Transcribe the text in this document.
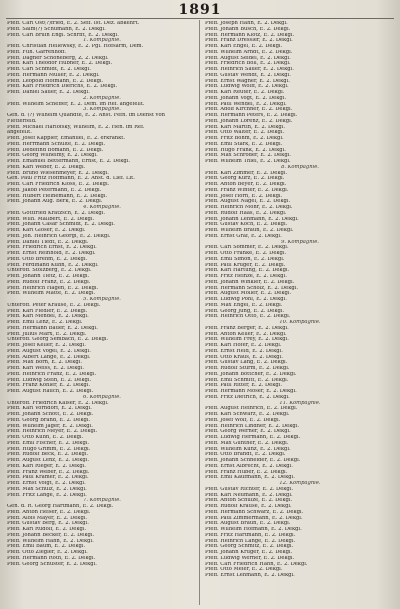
1891
Pfeff. Carl Ost(?)fried, E. 2. Seif. Ist. Dez. abkehrt.
Pfeff. Salm(?) Schumann, E. 2. Dekgl.
Pfeff. Carl Bruin Engl. Schrfft, E. 2. Dekgl.
1. Kompagnie.
Pfeff. Christian Hellewsky, E. 2. Pgl. Hofsarm, Dem.
Pfeff. Fuh. Garrenhoff.
Pfeff. Dagner Schöneberg, Z. 2. Dekgl.
Pfeff. Karl Theodor Hübner, E. 2. Dekgl.
Pfeff. Carl Schmidt, E. 2. Dekgl.
Pfeff. Hermann Müller, E. 2. Dekgl.
Pfeff. Leopold Hofmann, E. 2. Dekgl.
Pfeff. Karl Friedrich Dierichs, E. 2. Dekgl.
Pfeff. Daniel Sauer, E. 2. Dekgl.
2. Kompagnie.
Pfeff. Wilhelm Scheffer, E. 2. Dem. im Ref. angefellt.
3. Kompagnie.
Gen. d. (?) Wilhelm Quandte, E. 2. Anst. Fefn. im Dienst von
Fletterfeld.
Pfeff. Michael Harlofsky, Wilhelm, E. 2. Hen. im Ref.
angefellt.
Pfeff. Josef Kappler, Emanuel, E. 2. erkrankt.
Pfeff. Herrmann Schulte, E. 2. Dekgl.
Pfeff. Dedefind Bomann, E. 2. Dekgl.
Pfeff. Georg Wilhelmy, E. 2. Dekgl.
Pfeff. Emanuel Bettermann, Ernst, E. 2. Dekgl.
Pfeff. Karl Weber, E. 2. Dekgl.
Pfeff. Bruno Wiesenmeyer, E. 2. Dekgl.
Gen. Paul Fritz Hoffmann, E. 2. Anst. d. Lief. Lit.
Pfeff. Carl Friedrich Kloss, E. 2. Dekgl.
Pfeff. Jakob Petermann, E. 2. Dekgl.
Pfeff. Hubert Heinemann, E. 2. Dekgl.
Pfeff. Johann Aug. Berk, E. 2. Dekgl.
4. Kompagnie.
Pfeff. Gottfried Kratzsch, E. 2. Dekgl.
Pfeff. Wilh. Mallbert, E. 2. Dekgl.
Pfeff. Johann Cäsar Schmidt, E. 2. Dekgl.
Pfeff. Karl Gloser, E. 2. Dekgl.
Pfeff. Joh. Heinrich Georgi, E. 2. Dekgl.
Pfeff. Daniel Tiedt, E. 2. Dekgl.
Pfeff. Friedrich Ernst, E. 2. Dekgl.
Pfeff. Ernst Reinhold, E. 2. Dekgl.
Pfeff. Otto Brehm, E. 2. Dekgl.
Pfeff. Ferdinand Kühn, E. 2. Dekgl.
Unteroff. Stolzberg, E. 2. Dekgl.
Pfeff. Johann Tietz, E. 2. Dekgl.
Pfeff. Rudolf Franz, E. 2. Dekgl.
Pfeff. Heinrich Hagen, E. 2. Dekgl.
Pfeff. Wilhelm Matte, E. 2. Dekgl.
5. Kompagnie.
Unteroff. Peter Krause, E. 2. Dekgl.
Pfeff. Karl Fiedler, E. 2. Dekgl.
Pfeff. Karl Mendel, E. 2. Dekgl.
Pfeff. Emil Lenz, E. 2. Dekgl.
Pfeff. Hermann Bauer, E. 2. Dekgl.
Pfeff. Julius Marx, E. 2. Dekgl.
Unteroff. Georg Sembach, E. 2. Dekgl.
Pfeff. Josef Keller, E. 2. Dekgl.
Pfeff. August Vogel, E. 2. Dekgl.
Pfeff. Albert Lange, E. 2. Dekgl.
Pfeff. Max Born, E. 2. Dekgl.
Pfeff. Karl Weiss, E. 2. Dekgl.
Pfeff. Heinrich Franz, E. 2. Dekgl.
Pfeff. Ludwig Stein, E. 2. Dekgl.
Pfeff. Franz Köhler, E. 2. Dekgl.
Pfeff. August Rauch, E. 2. Dekgl.
6. Kompagnie.
Unteroff. Friedrich Kaiser, E. 2. Dekgl.
Pfeff. Karl Vorndorf, E. 2. Dekgl.
Pfeff. Johann Schott, E. 2. Dekgl.
Pfeff. Georg Brand, E. 2. Dekgl.
Pfeff. Wilhelm Jäger, E. 2. Dekgl.
Pfeff. Heinrich Meyer, E. 2. Dekgl.
Pfeff. Otto Kuhn, E. 2. Dekgl.
Pfeff. Emil Fischer, E. 2. Dekgl.
Pfeff. Hugo Grimm, E. 2. Dekgl.
Pfeff. Rudolf Beck, E. 2. Dekgl.
Pfeff. August Lenz, E. 2. Dekgl.
Pfeff. Karl Rieger, E. 2. Dekgl.
Pfeff. Franz Weber, E. 2. Dekgl.
Pfeff. Paul Kramer, E. 2. Dekgl.
Pfeff. Ernst Voigt, E. 2. Dekgl.
Pfeff. Max Schulz, E. 2. Dekgl.
Pfeff. Fritz Lange, E. 2. Dekgl.
7. Kompagnie.
Gen. d. R. Georg Hartmann, E. 2. Dekgl.
Pfeff. Anton Heiser, E. 2. Dekgl.
Pfeff. Alois Mayer, E. 2. Dekgl.
Pfeff. Gustav Berg, E. 2. Dekgl.
Pfeff. Karl Rudolf, E. 2. Dekgl.
Pfeff. Johann Becker, E. 2. Dekgl.
Pfeff. Wilhelm Hahn, E. 2. Dekgl.
Pfeff. Emil Baum, E. 2. Dekgl.
Pfeff. Otto Ziegler, E. 2. Dekgl.
Pfeff. Hermann Roth, E. 2. Dekgl.
Pfeff. Georg Schuster, E. 2. Dekgl.
Pfeff. Joseph Hahn, E. 2. Dekgl.
Pfeff. Johann Busch, E. 2. Dekgl.
Pfeff. Hermann Klotz, E. 2. Dekgl.
Pfeff. Franz Dressler, E. 2. Dekgl.
Pfeff. Karl Engel, E. 2. Dekgl.
Pfeff. Wilhelm Arndt, E. 2. Dekgl.
Pfeff. August Seidel, E. 2. Dekgl.
Pfeff. Friedrich Boll, E. 2. Dekgl.
Pfeff. Heinrich Sauer, E. 2. Dekgl.
Pfeff. Gustav Wendt, E. 2. Dekgl.
Pfeff. Ernst Wagner, E. 2. Dekgl.
Pfeff. Ludwig Wolff, E. 2. Dekgl.
Pfeff. Karl Reuter, E. 2. Dekgl.
Pfeff. Johann Vogt, E. 2. Dekgl.
Pfeff. Paul Wendel, E. 2. Dekgl.
Pfeff. Adolf Kirchner, E. 2. Dekgl.
Pfeff. Hermann Peters, E. 2. Dekgl.
Pfeff. Johann Lorenz, E. 2. Dekgl.
Pfeff. Karl Martin, E. 2. Dekgl.
Pfeff. Otto Walter, E. 2. Dekgl.
Pfeff. Fritz Böhm, E. 2. Dekgl.
Pfeff. Emil Stark, E. 2. Dekgl.
Pfeff. Hugo Frank, E. 2. Dekgl.
Pfeff. Max Schröder, E. 2. Dekgl.
Pfeff. Wilhelm Thiel, E. 2. Dekgl.
8. Kompagnie.
Pfeff. Karl Zimmer, E. 2. Dekgl.
Pfeff. Georg Kurz, E. 2. Dekgl.
Pfeff. Anton Beyer, E. 2. Dekgl.
Pfeff. Franz Winter, E. 2. Dekgl.
Pfeff. Josef Horn, E. 2. Dekgl.
Pfeff. August Nagel, E. 2. Dekgl.
Pfeff. Heinrich Mohr, E. 2. Dekgl.
Pfeff. Rudolf Haas, E. 2. Dekgl.
Pfeff. Johann Lehmann, E. 2. Dekgl.
Pfeff. Gustav Koch, E. 2. Dekgl.
Pfeff. Wilhelm Braun, E. 2. Dekgl.
Pfeff. Ernst Graf, E. 2. Dekgl.
9. Kompagnie.
Pfeff. Carl Sommer, E. 2. Dekgl.
Pfeff. Otto Franke, E. 2. Dekgl.
Pfeff. Emil Simon, E. 2. Dekgl.
Pfeff. Paul Krüger, E. 2. Dekgl.
Pfeff. Karl Hartung, E. 2. Dekgl.
Pfeff. Fritz Heinze, E. 2. Dekgl.
Pfeff. Johann Winkler, E. 2. Dekgl.
Pfeff. Hermann Scholz, E. 2. Dekgl.
Pfeff. August Möller, E. 2. Dekgl.
Pfeff. Ludwig Pohl, E. 2. Dekgl.
Pfeff. Max Engel, E. 2. Dekgl.
Pfeff. Georg Jung, E. 2. Dekgl.
Pfeff. Heinrich Otto, E. 2. Dekgl.
10. Kompagnie.
Pfeff. Franz Berger, E. 2. Dekgl.
Pfeff. Anton Keller, E. 2. Dekgl.
Pfeff. Wilhelm Frey, E. 2. Dekgl.
Pfeff. Karl Hofer, E. 2. Dekgl.
Pfeff. Ernst Held, E. 2. Dekgl.
Pfeff. Otto Kraus, E. 2. Dekgl.
Pfeff. Gustav Lang, E. 2. Dekgl.
Pfeff. Rudolf Sturm, E. 2. Dekgl.
Pfeff. Johann Böttcher, E. 2. Dekgl.
Pfeff. Emil Schmitt, E. 2. Dekgl.
Pfeff. Paul Ritter, E. 2. Dekgl.
Pfeff. Hermann Moser, E. 2. Dekgl.
Pfeff. Fritz Dietrich, E. 2. Dekgl.
11. Kompagnie.
Pfeff. August Heinrich, E. 2. Dekgl.
Pfeff. Karl Schwarz, E. 2. Dekgl.
Pfeff. Josef Wolf, E. 2. Dekgl.
Pfeff. Heinrich Lindner, E. 2. Dekgl.
Pfeff. Georg Werner, E. 2. Dekgl.
Pfeff. Ludwig Hermann, E. 2. Dekgl.
Pfeff. Max Günther, E. 2. Dekgl.
Pfeff. Wilhelm Kunz, E. 2. Dekgl.
Pfeff. Otto Brandt, E. 2. Dekgl.
Pfeff. Johann Schneider, E. 2. Dekgl.
Pfeff. Ernst Albrecht, E. 2. Dekgl.
Pfeff. Franz Huber, E. 2. Dekgl.
Pfeff. Emil Kaufmann, E. 2. Dekgl.
12. Kompagnie.
Pfeff. Gustav Richter, E. 2. Dekgl.
Pfeff. Karl Neumann, E. 2. Dekgl.
Pfeff. Anton Schulze, E. 2. Dekgl.
Pfeff. Rudolf Krause, E. 2. Dekgl.
Pfeff. Hermann Schwarz, E. 2. Dekgl.
Pfeff. Paul Zimmermann, E. 2. Dekgl.
Pfeff. August Braun, E. 2. Dekgl.
Pfeff. Wilhelm Hofmann, E. 2. Dekgl.
Pfeff. Fritz Hartmann, E. 2. Dekgl.
Pfeff. Heinrich Lange, E. 2. Dekgl.
Pfeff. Georg Schmitz, E. 2. Dekgl.
Pfeff. Johann Krüger, E. 2. Dekgl.
Pfeff. Ludwig Werner, E. 2. Dekgl.
Pfeff. Carl Friedrich Hahn, E. 2. Dekgl.
Pfeff. Otto Meier, E. 2. Dekgl.
Pfeff. Ernst Lehmann, E. 2. Dekgl.
